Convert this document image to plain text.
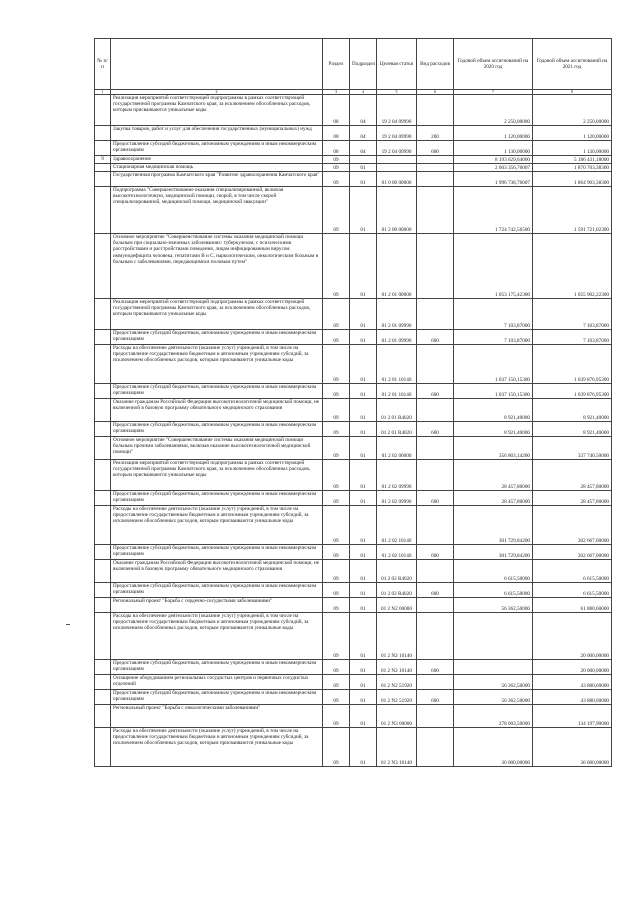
№ п/п		Раздел	Подраздел	Целевая статья	Вид расходов	Годовой объем ассигнований на 2020 год	Годовой объем ассигнований на 2021 год
1	2	3	4	5	6	7	8
	Реализация мероприятий соответствующей подпрограммы в рамках соответствующей государственной программы Камчатского края, за исключением обособленных расходов, которым присваиваются уникальные коды	08	04	19 2 04 09990		2 250,00000	2 250,00000
	Закупка товаров, работ и услуг для обеспечения государственных (муниципальных) нужд	08	04	19 2 04 09990	200	1 120,00000	1 120,00000
	Предоставление субсидий бюджетным, автономным учреждениям и иным некоммерческим организациям	08	04	19 2 04 09990	600	1 130,00000	1 130,00000
9	Здравоохранение	09				8 193 629,64000	5 186 431,18000
	Стационарная медицинская помощь	09	01			2 003 356,76007	1 870 703,38300
	Государственная программа Камчатского края "Развитие здравоохранения Камчатского края"	09	01	01 0 00 00000		1 996 738,76007	1 864 903,38300
	Подпрограмма "Совершенствование оказания специализированной, включая высокотехнологичную, медицинской помощи, скорой, в том числе скорой специализированной, медицинской помощи, медицинской эвакуации"	09	01	01 2 00 00000		1 724 742,56500	1 591 721,02300
	Основное мероприятие "Совершенствование системы оказания медицинской помощи больным при социально-значимых заболеваниях: туберкулезом, с психическими расстройствами и расстройствами поведения, лицам инфицированным вирусом иммунодефицита человека, гепатитами B и C, наркологическим, онкологическим больным и больным с заболеваниями, передающимися половым путем"	09	01	01 2 01 00000		1 053 175,42300	1 055 902,22300
	Реализация мероприятий соответствующей подпрограммы в рамках соответствующей государственной программы Камчатского края, за исключением обособленных расходов, которым присваиваются уникальные коды	09	01	01 2 01 09990		7 103,87000	7 103,87000
	Предоставление субсидий бюджетным, автономным учреждениям и иным некоммерческим организациям	09	01	01 2 01 09990	600	7 103,87000	7 103,87000
	Расходы на обеспечение деятельности (оказание услуг) учреждений, в том числе на предоставление государственным бюджетным и автономным учреждениям субсидий, за исключением обособленных расходов, которым присваиваются уникальные коды	09	01	01 2 01 10140		1 037 150,15300	1 039 876,95300
	Предоставление субсидий бюджетным, автономным учреждениям и иным некоммерческим организациям	09	01	01 2 01 10140	600	1 037 150,15300	1 039 876,95300
	Оказание гражданам Российской Федерации высокотехнологичной медицинской помощи, не включенной в базовую программу обязательного медицинского страхования	09	01	01 2 01 R4020		8 921,40000	8 921,40000
	Предоставление субсидий бюджетным, автономным учреждениям и иным некоммерческим организациям	09	01	01 2 01 R4020	600	8 921,40000	8 921,40000
	Основное мероприятие "Совершенствование системы оказания медицинской помощи больным прочими заболеваниями, включая оказание высокотехнологичной медицинской помощи"	09	01	01 2 02 00000		356 803,14200	337 740,50000
	Реализация мероприятий соответствующей подпрограммы в рамках соответствующей государственной программы Камчатского края, за исключением обособленных расходов, которым присваиваются уникальные коды	09	01	01 2 02 09990		28 457,80000	28 457,80000
	Предоставление субсидий бюджетным, автономным учреждениям и иным некоммерческим организациям	09	01	01 2 02 09990	600	28 457,80000	28 457,80000
	Расходы на обеспечение деятельности (оказание услуг) учреждений, в том числе на предоставление государственным бюджетным и автономным учреждениям субсидий, за исключением обособленных расходов, которым присваиваются уникальные коды	09	01	01 2 02 10140		301 729,84200	302 667,00000
	Предоставление субсидий бюджетным, автономным учреждениям и иным некоммерческим организациям	09	01	01 2 02 10140	600	301 729,84200	302 667,00000
	Оказание гражданам Российской Федерации высокотехнологичной медицинской помощи, не включенной в базовую программу обязательного медицинского страхования	09	01	01 2 02 R4020		6 615,50000	6 615,50000
	Предоставление субсидий бюджетным, автономным учреждениям и иным некоммерческим организациям	09	01	01 2 02 R4020	600	6 615,50000	6 615,50000
	Региональный проект "Борьба с сердечно-сосудистыми заболеваниями"	09	01	01 2 N2 00000		56 362,50000	61 880,60000
	Расходы на обеспечение деятельности (оказание услуг) учреждений, в том числе на предоставление государственным бюджетным и автономным учреждениям субсидий, за исключением обособленных расходов, которым присваиваются уникальные коды	09	01	01 2 N2 10140			20 000,00000
	Предоставление субсидий бюджетным, автономным учреждениям и иным некоммерческим организациям	09	01	01 2 N2 10140	600		20 000,00000
	Оснащение оборудованием региональных сосудистых центров и первичных сосудистых отделений	09	01	01 2 N2 51920		56 362,50000	43 880,60000
	Предоставление субсидий бюджетным, автономным учреждениям и иным некоммерческим организациям	09	01	01 2 N2 51920	600	56 362,50000	43 880,60000
	Региональный проект "Борьба с онкологическими заболеваниями"	09	01	01 2 N3 00000		278 003,50000	134 197,90000
	Расходы на обеспечение деятельности (оказание услуг) учреждений, в том числе на предоставление государственным бюджетным и автономным учреждениям субсидий, за исключением обособленных расходов, которым присваиваются уникальные коды	09	01	01 2 N3 10140		36 000,00000	36 000,00000
